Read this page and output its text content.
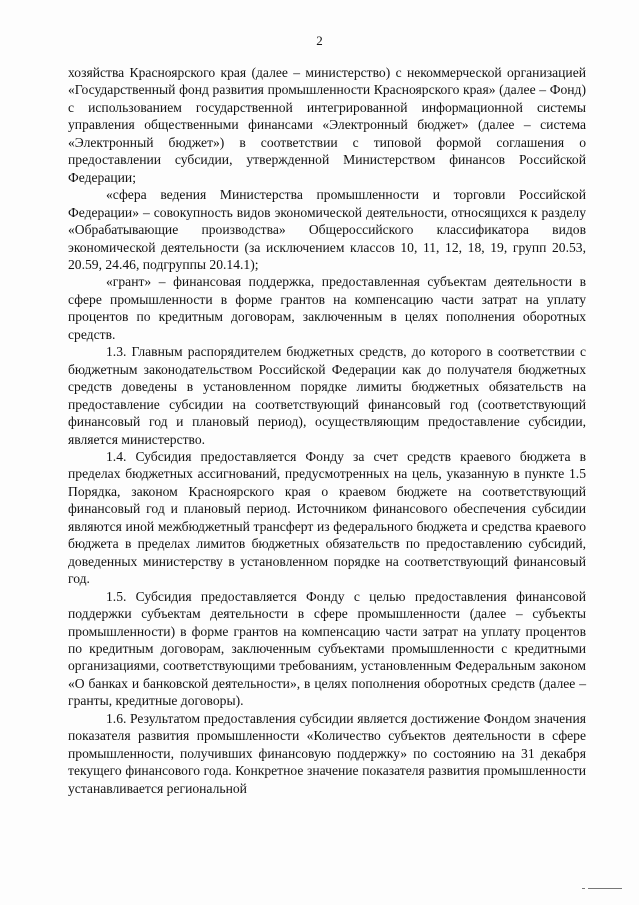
2

хозяйства Красноярского края (далее – министерство) с некоммерческой организацией «Государственный фонд развития промышленности Красноярского края» (далее – Фонд) с использованием государственной интегрированной информационной системы управления общественными финансами «Электронный бюджет» (далее – система «Электронный бюджет») в соответствии с типовой формой соглашения о предоставлении субсидии, утвержденной Министерством финансов Российской Федерации;

«сфера ведения Министерства промышленности и торговли Российской Федерации» – совокупность видов экономической деятельности, относящихся к разделу «Обрабатывающие производства» Общероссийского классификатора видов экономической деятельности (за исключением классов 10, 11, 12, 18, 19, групп 20.53, 20.59, 24.46, подгруппы 20.14.1);

«грант» – финансовая поддержка, предоставленная субъектам деятельности в сфере промышленности в форме грантов на компенсацию части затрат на уплату процентов по кредитным договорам, заключенным в целях пополнения оборотных средств.

1.3. Главным распорядителем бюджетных средств, до которого в соответствии с бюджетным законодательством Российской Федерации как до получателя бюджетных средств доведены в установленном порядке лимиты бюджетных обязательств на предоставление субсидии на соответствующий финансовый год (соответствующий финансовый год и плановый период), осуществляющим предоставление субсидии, является министерство.

1.4. Субсидия предоставляется Фонду за счет средств краевого бюджета в пределах бюджетных ассигнований, предусмотренных на цель, указанную в пункте 1.5 Порядка, законом Красноярского края о краевом бюджете на соответствующий финансовый год и плановый период. Источником финансового обеспечения субсидии являются иной межбюджетный трансферт из федерального бюджета и средства краевого бюджета в пределах лимитов бюджетных обязательств по предоставлению субсидий, доведенных министерству в установленном порядке на соответствующий финансовый год.

1.5. Субсидия предоставляется Фонду с целью предоставления финансовой поддержки субъектам деятельности в сфере промышленности (далее – субъекты промышленности) в форме грантов на компенсацию части затрат на уплату процентов по кредитным договорам, заключенным субъектами промышленности с кредитными организациями, соответствующими требованиям, установленным Федеральным законом «О банках и банковской деятельности», в целях пополнения оборотных средств (далее – гранты, кредитные договоры).

1.6. Результатом предоставления субсидии является достижение Фондом значения показателя развития промышленности «Количество субъектов деятельности в сфере промышленности, получивших финансовую поддержку» по состоянию на 31 декабря текущего финансового года. Конкретное значение показателя развития промышленности устанавливается региональной
